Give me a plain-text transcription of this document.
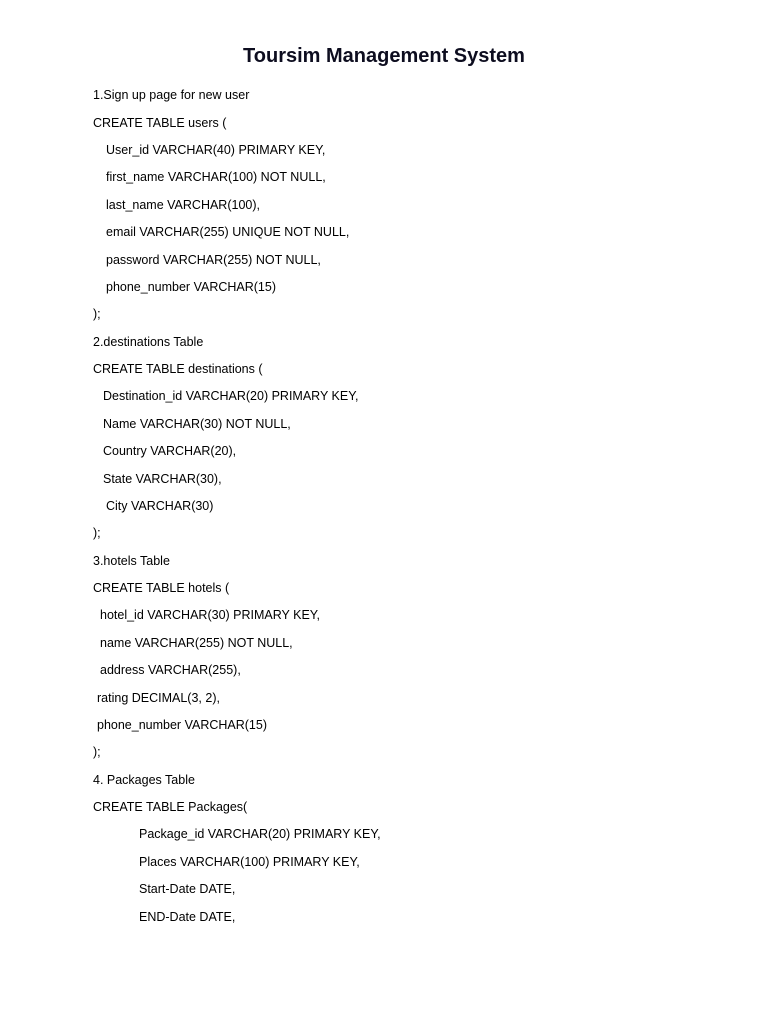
Toursim Management System
1.Sign up page for new user
CREATE TABLE users (
User_id VARCHAR(40) PRIMARY KEY,
first_name VARCHAR(100) NOT NULL,
last_name VARCHAR(100),
email VARCHAR(255) UNIQUE NOT NULL,
password VARCHAR(255) NOT NULL,
phone_number VARCHAR(15)
);
2.destinations Table
CREATE TABLE destinations (
Destination_id VARCHAR(20) PRIMARY KEY,
Name VARCHAR(30) NOT NULL,
Country VARCHAR(20),
State VARCHAR(30),
City VARCHAR(30)
);
3.hotels Table
CREATE TABLE hotels (
hotel_id VARCHAR(30) PRIMARY KEY,
name VARCHAR(255) NOT NULL,
address VARCHAR(255),
rating DECIMAL(3, 2),
phone_number VARCHAR(15)
);
4. Packages Table
CREATE TABLE Packages(
Package_id VARCHAR(20) PRIMARY KEY,
Places VARCHAR(100) PRIMARY KEY,
Start-Date DATE,
END-Date DATE,
